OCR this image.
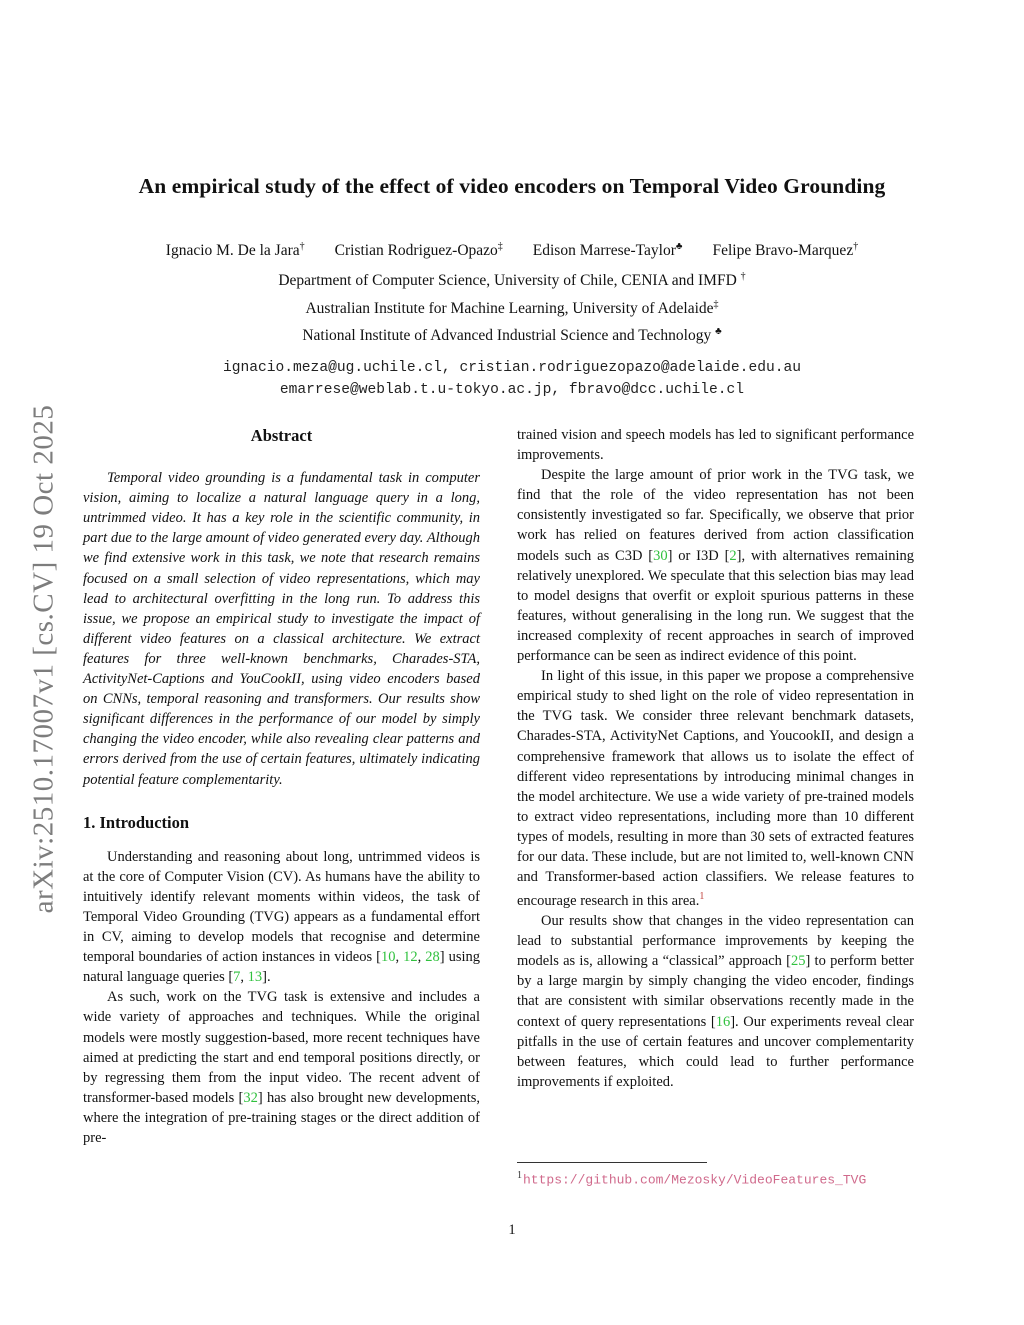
arXiv:2510.17007v1 [cs.CV] 19 Oct 2025
An empirical study of the effect of video encoders on Temporal Video Grounding
Ignacio M. De la Jara† Cristian Rodriguez-Opazo‡ Edison Marrese-Taylor♣ Felipe Bravo-Marquez†
Department of Computer Science, University of Chile, CENIA and IMFD †
Australian Institute for Machine Learning, University of Adelaide‡
National Institute of Advanced Industrial Science and Technology ♣
ignacio.meza@ug.uchile.cl, cristian.rodriguezopazo@adelaide.edu.au
emarrese@weblab.t.u-tokyo.ac.jp, fbravo@dcc.uchile.cl
Abstract

Temporal video grounding is a fundamental task in computer vision, aiming to localize a natural language query in a long, untrimmed video. It has a key role in the scientific community, in part due to the large amount of video generated every day. Although we find extensive work in this task, we note that research remains focused on a small selection of video representations, which may lead to architectural overfitting in the long run. To address this issue, we propose an empirical study to investigate the impact of different video features on a classical architecture. We extract features for three well-known benchmarks, Charades-STA, ActivityNet-Captions and YouCookII, using video encoders based on CNNs, temporal reasoning and transformers. Our results show significant differences in the performance of our model by simply changing the video encoder, while also revealing clear patterns and errors derived from the use of certain features, ultimately indicating potential feature complementarity.

1. Introduction

Understanding and reasoning about long, untrimmed videos is at the core of Computer Vision (CV). As humans have the ability to intuitively identify relevant moments within videos, the task of Temporal Video Grounding (TVG) appears as a fundamental effort in CV, aiming to develop models that recognise and determine temporal boundaries of action instances in videos [10, 12, 28] using natural language queries [7, 13].

As such, work on the TVG task is extensive and includes a wide variety of approaches and techniques. While the original models were mostly suggestion-based, more recent techniques have aimed at predicting the start and end temporal positions directly, or by regressing them from the input video. The recent advent of transformer-based models [32] has also brought new developments, where the integration of pre-training stages or the direct addition of pre-

trained vision and speech models has led to significant performance improvements.

Despite the large amount of prior work in the TVG task, we find that the role of the video representation has not been consistently investigated so far. Specifically, we observe that prior work has relied on features derived from action classification models such as C3D [30] or I3D [2], with alternatives remaining relatively unexplored. We speculate that this selection bias may lead to model designs that overfit or exploit spurious patterns in these features, without generalising in the long run. We suggest that the increased complexity of recent approaches in search of improved performance can be seen as indirect evidence of this point.

In light of this issue, in this paper we propose a comprehensive empirical study to shed light on the role of video representation in the TVG task. We consider three relevant benchmark datasets, Charades-STA, ActivityNet Captions, and YoucookII, and design a comprehensive framework that allows us to isolate the effect of different video representations by introducing minimal changes in the model architecture. We use a wide variety of pre-trained models to extract video representations, including more than 10 different types of models, resulting in more than 30 sets of extracted features for our data. These include, but are not limited to, well-known CNN and Transformer-based action classifiers. We release features to encourage research in this area.$^1$

Our results show that changes in the video representation can lead to substantial performance improvements by keeping the models as is, allowing a “classical” approach [25] to perform better by a large margin by simply changing the video encoder, findings that are consistent with similar observations recently made in the context of query representations [16]. Our experiments reveal clear pitfalls in the use of certain features and uncover complementarity between features, which could lead to further performance improvements if exploited.

$^1$https://github.com/Mezosky/VideoFeatures_TVG
1
